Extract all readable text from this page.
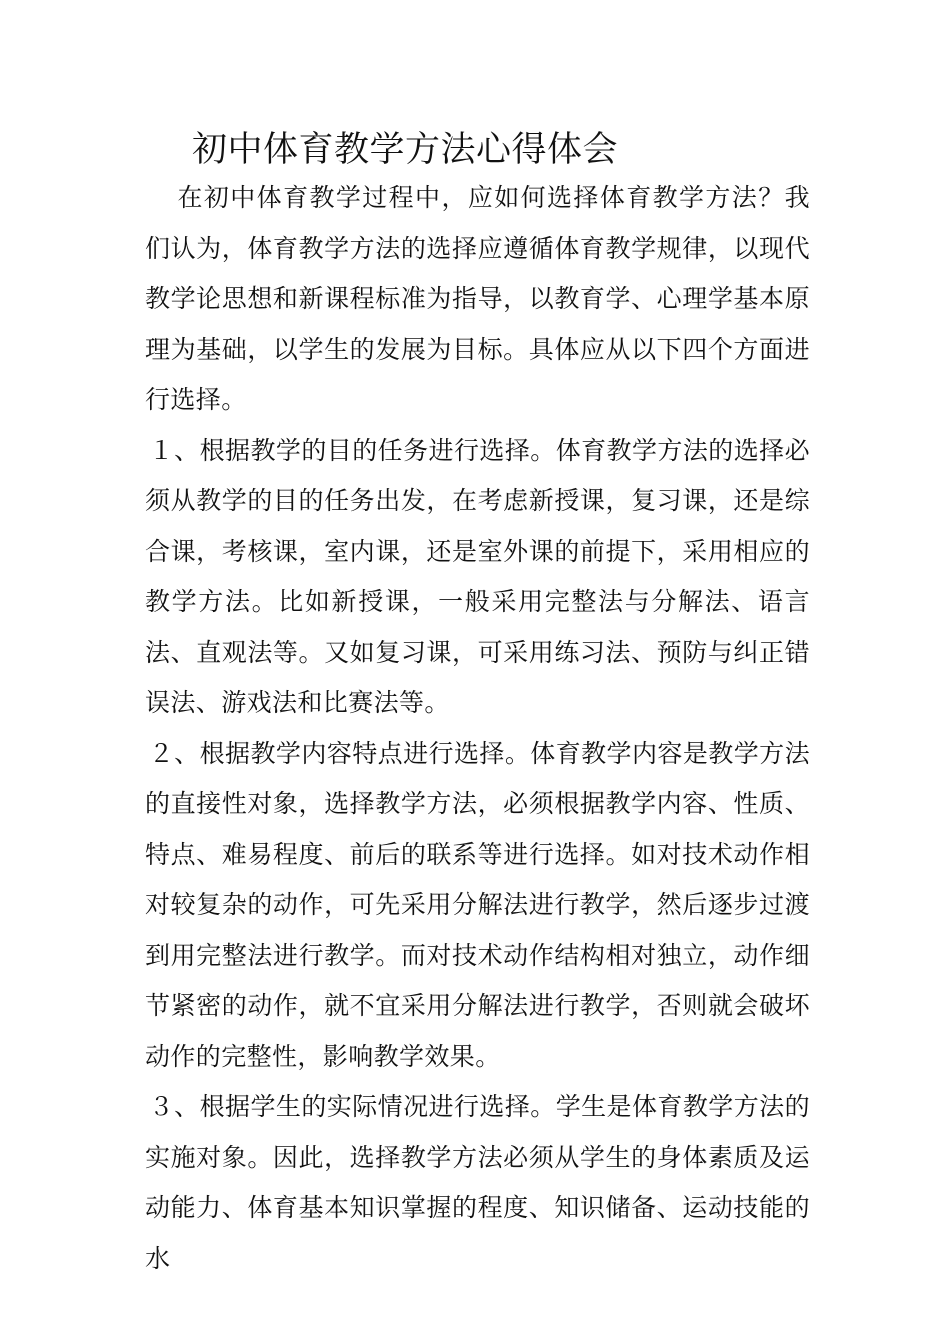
初中体育教学方法心得体会

在初中体育教学过程中，应如何选择体育教学方法？我们认为，体育教学方法的选择应遵循体育教学规律，以现代教学论思想和新课程标准为指导，以教育学、心理学基本原理为基础，以学生的发展为目标。具体应从以下四个方面进行选择。

１、根据教学的目的任务进行选择。体育教学方法的选择必须从教学的目的任务出发，在考虑新授课，复习课，还是综合课，考核课，室内课，还是室外课的前提下，采用相应的教学方法。比如新授课，一般采用完整法与分解法、语言法、直观法等。又如复习课，可采用练习法、预防与纠正错误法、游戏法和比赛法等。

２、根据教学内容特点进行选择。体育教学内容是教学方法的直接性对象，选择教学方法，必须根据教学内容、性质、特点、难易程度、前后的联系等进行选择。如对技术动作相对较复杂的动作，可先采用分解法进行教学，然后逐步过渡到用完整法进行教学。而对技术动作结构相对独立，动作细节紧密的动作，就不宜采用分解法进行教学，否则就会破坏动作的完整性，影响教学效果。

３、根据学生的实际情况进行选择。学生是体育教学方法的实施对象。因此，选择教学方法必须从学生的身体素质及运动能力、体育基本知识掌握的程度、知识储备、运动技能的水
